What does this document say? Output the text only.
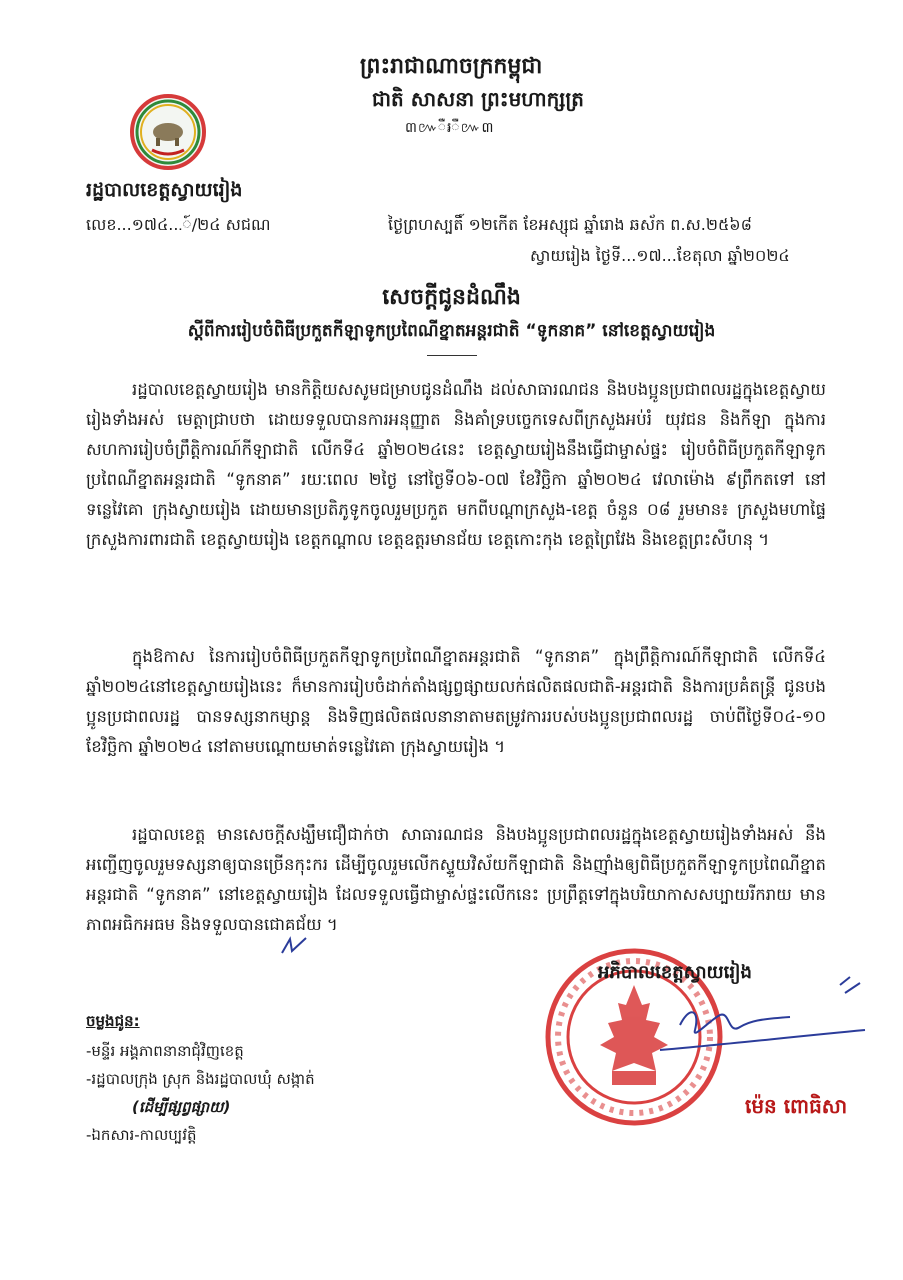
ព្រះរាជាណាចក្រកម្ពុជា
ជាតិ សាសនា ព្រះមហាក្សត្រ
៣៚ឺ៛ឺ៚៣
រដ្ឋបាលខេត្តស្វាយរៀង
លេខ...១៧៤...៍/២៤ សជណ	ថ្ងៃព្រហស្បតិ៍ ១២កើត ខែអស្សុជ ឆ្នាំរោង ឆស័ក ព.ស.២៥៦៨
ស្វាយរៀង ថ្ងៃទី...១៧...ខែតុលា ឆ្នាំ២០២៤
សេចក្តីជូនដំណឹង
ស្តីពីការរៀបចំពិធីប្រកួតកីឡាទូកប្រពៃណីខ្នាតអន្តរជាតិ “ទូកនាគ” នៅខេត្តស្វាយរៀង
រដ្ឋបាលខេត្តស្វាយរៀង មានកិត្តិយសសូមជម្រាបជូនដំណឹង ដល់សាធារណជន និងបងប្អូនប្រជាពលរដ្ឋក្នុងខេត្តស្វាយរៀងទាំងអស់ មេត្តាជ្រាបថា ដោយទទួលបានការអនុញ្ញាត និងគាំទ្របច្ចេកទេសពីក្រសួងអប់រំ យុវជន និងកីឡា ក្នុងការសហការរៀបចំព្រឹត្តិការណ៍កីឡាជាតិ លើកទី៤ ឆ្នាំ២០២៤នេះ ខេត្តស្វាយរៀងនឹងធ្វើជាម្ចាស់ផ្ទះ រៀបចំពិធីប្រកួតកីឡាទូកប្រពៃណីខ្នាតអន្តរជាតិ “ទូកនាគ” រយៈពេល ២ថ្ងៃ នៅថ្ងៃទី០៦-០៧ ខែវិច្ឆិកា ឆ្នាំ២០២៤ វេលាម៉ោង ៩ព្រឹកតទៅ នៅទន្លេវៃគោ ក្រុងស្វាយរៀង ដោយមានប្រតិភូទូកចូលរួមប្រកួត មកពីបណ្តាក្រសួង-ខេត្ត ចំនួន ០៨ រួមមាន៖ ក្រសួងមហាផ្ទៃ ក្រសួងការពារជាតិ ខេត្តស្វាយរៀង ខេត្តកណ្តាល ខេត្តឧត្តរមានជ័យ ខេត្តកោះកុង ខេត្តព្រៃវែង និងខេត្តព្រះសីហនុ ។
ក្នុងឱកាស នៃការរៀបចំពិធីប្រកួតកីឡាទូកប្រពៃណីខ្នាតអន្តរជាតិ “ទូកនាគ” ក្នុងព្រឹត្តិការណ៍កីឡាជាតិ លើកទី៤ ឆ្នាំ២០២៤នៅខេត្តស្វាយរៀងនេះ ក៏មានការរៀបចំដាក់តាំងផ្សព្វផ្សាយលក់ផលិតផលជាតិ-អន្តរជាតិ និងការប្រគំតន្ត្រី ជូនបងប្អូនប្រជាពលរដ្ឋ បានទស្សនាកម្សាន្ត និងទិញផលិតផលនានាតាមតម្រូវការរបស់បងប្អូនប្រជាពលរដ្ឋ ចាប់ពីថ្ងៃទី០៤-១០ ខែវិច្ឆិកា ឆ្នាំ២០២៤ នៅតាមបណ្តោយមាត់ទន្លេវៃគោ ក្រុងស្វាយរៀង ។
រដ្ឋបាលខេត្ត មានសេចក្តីសង្ឃឹមជឿជាក់ថា សាធារណជន និងបងប្អូនប្រជាពលរដ្ឋក្នុងខេត្តស្វាយរៀងទាំងអស់ នឹងអញ្ជើញចូលរួមទស្សនាឲ្យបានច្រើនកុះករ ដើម្បីចូលរួមលើកស្ទួយវិស័យកីឡាជាតិ និងញ៉ាំងឲ្យពិធីប្រកួតកីឡាទូកប្រពៃណីខ្នាតអន្តរជាតិ “ទូកនាគ” នៅខេត្តស្វាយរៀង ដែលទទួលធ្វើជាម្ចាស់ផ្ទះលើកនេះ ប្រព្រឹត្តទៅក្នុងបរិយាកាសសប្បាយរីករាយ មានភាពអធិកអធម និងទទួលបានជោគជ័យ ។
ចម្លងជូន:
-មន្ទីរ អង្គភាពនានាជុំវិញខេត្ត
-រដ្ឋបាលក្រុង ស្រុក និងរដ្ឋបាលឃុំ សង្កាត់
(ដើម្បីផ្សព្វផ្សាយ)
-ឯកសារ-កាលប្បវត្តិ
អភិបាលខេត្តស្វាយរៀង
ម៉េន ពោធិសា
